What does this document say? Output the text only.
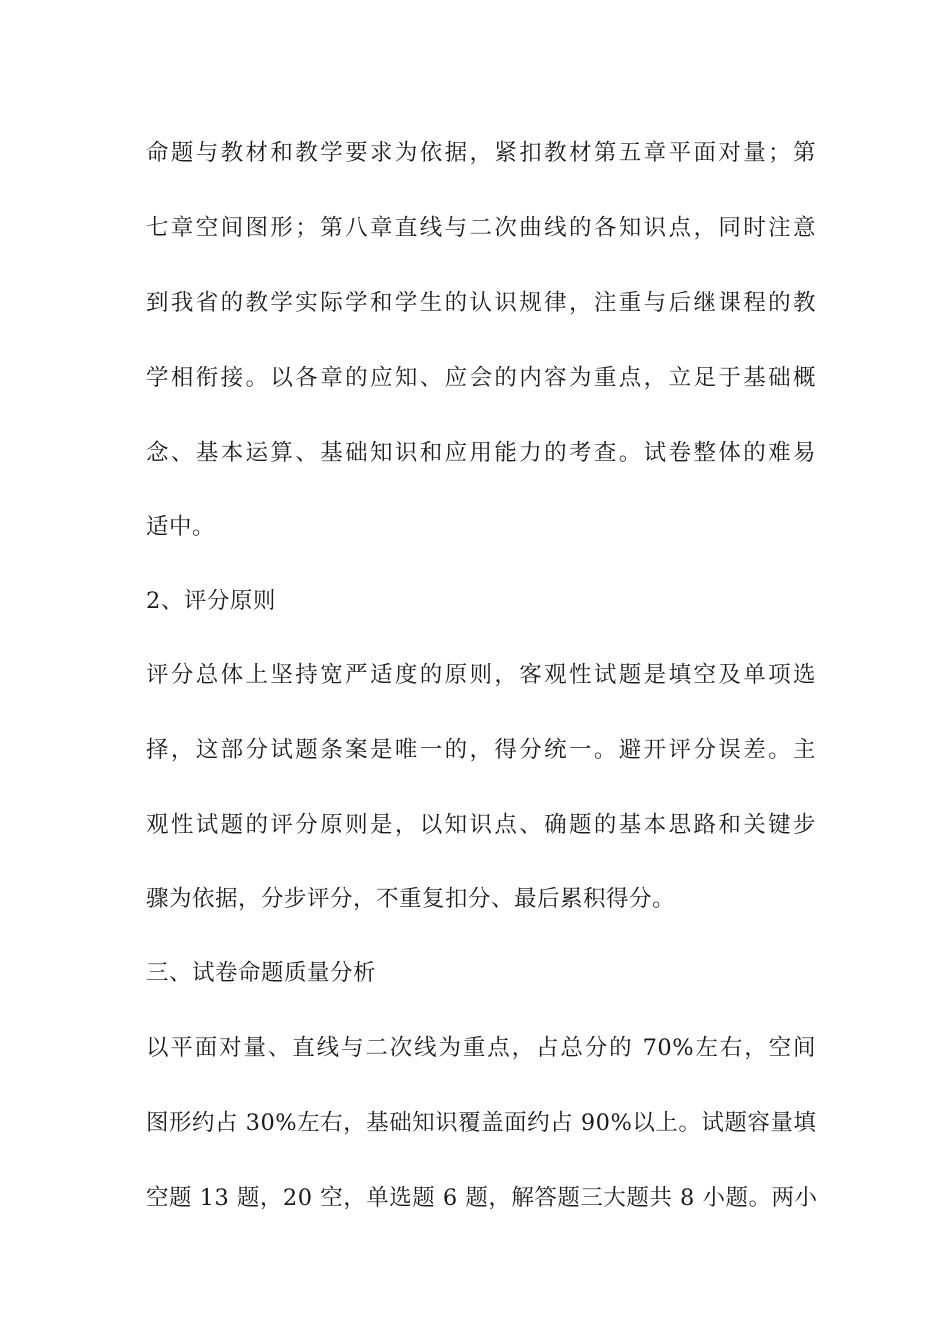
命题与教材和教学要求为依据，紧扣教材第五章平面对量；第
七章空间图形；第八章直线与二次曲线的各知识点，同时注意
到我省的教学实际学和学生的认识规律，注重与后继课程的教
学相衔接。以各章的应知、应会的内容为重点，立足于基础概
念、基本运算、基础知识和应用能力的考查。试卷整体的难易
适中。
2、评分原则
评分总体上坚持宽严适度的原则，客观性试题是填空及单项选
择，这部分试题条案是唯一的，得分统一。避开评分误差。主
观性试题的评分原则是，以知识点、确题的基本思路和关键步
骤为依据，分步评分，不重复扣分、最后累积得分。
三、试卷命题质量分析
以平面对量、直线与二次线为重点，占总分的 70%左右，空间
图形约占 30%左右，基础知识覆盖面约占 90%以上。试题容量填
空题 13 题，20 空，单选题 6 题，解答题三大题共 8 小题。两小
